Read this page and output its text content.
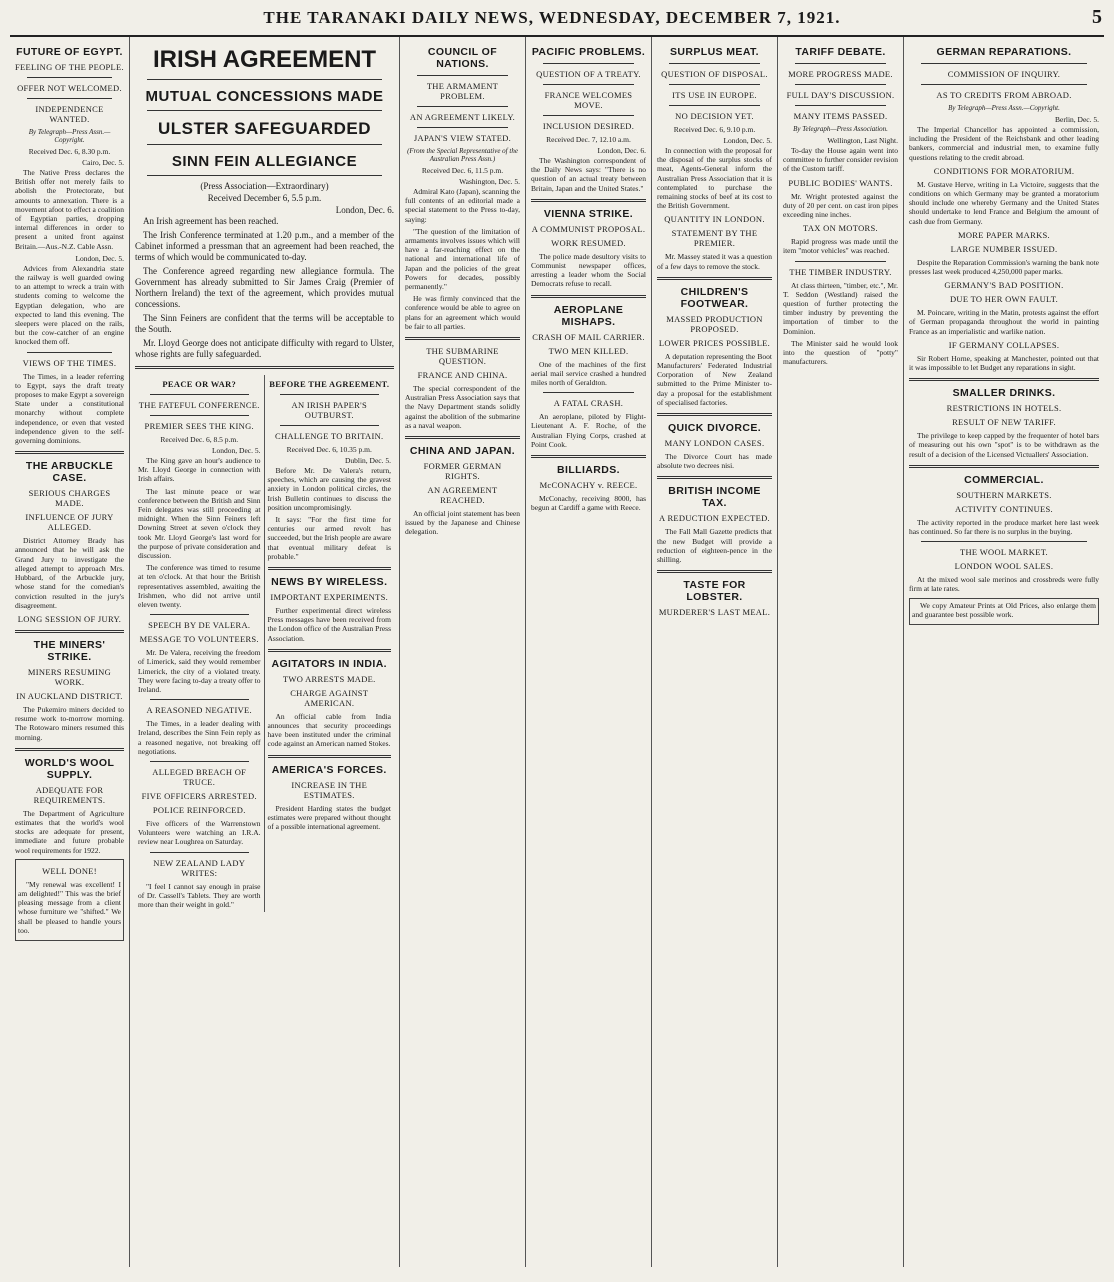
THE TARANAKI DAILY NEWS, WEDNESDAY, DECEMBER 7, 1921.	5
FUTURE OF EGYPT.
FEELING OF THE PEOPLE.
OFFER NOT WELCOMED.
INDEPENDENCE WANTED.
By Telegraph—Press Assn.—Copyright.
Received Dec. 6, 8.30 p.m.
Cairo, Dec. 5.

The Native Press declares the British offer not merely fails to abolish the Protectorate, but amounts to annexation. There is a movement afoot to effect a coalition of Egyptian parties, dropping internal differences in order to present a united front against Britain.—Aus.-N.Z. Cable Assn.

London, Dec. 5.

Advices from Alexandria state the railway is well guarded owing to an attempt to wreck a train with students coming to welcome the Egyptian delegation, who are expected to land this evening. The sleepers were placed on the rails, but the cow-catcher of an engine knocked them off.

VIEWS OF THE TIMES.

The Times, in a leader referring to Egypt, says the draft treaty proposes to make Egypt a sovereign State under a constitutional monarchy without complete independence, or even that vested independence given to the self-governing dominions.

THE ARBUCKLE CASE.
SERIOUS CHARGES MADE.
INFLUENCE OF JURY ALLEGED.

District Attorney Brady has announced that he will ask the Grand Jury to investigate the alleged attempt to approach Mrs. Hubbard, of the Arbuckle jury, whose stand for the comedian's conviction resulted in the jury's disagreement.

LONG SESSION OF JURY.
THE MINERS' STRIKE.
MINERS RESUMING WORK.
IN AUCKLAND DISTRICT.

The Pukemiro miners decided to resume work to-morrow morning. The Rotowaro miners resumed this morning.

WORLD'S WOOL SUPPLY.
ADEQUATE FOR REQUIREMENTS.

The Department of Agriculture estimates that the world's wool stocks are adequate for present, immediate and future probable wool requirements for 1922.

WELL DONE!

"My renewal was excellent! I am delighted!" This was the brief pleasing message from a client whose furniture we "shifted." We shall be pleased to handle yours too.

IRISH AGREEMENT
MUTUAL CONCESSIONS MADE
ULSTER SAFEGUARDED
SINN FEIN ALLEGIANCE
(Press Association—Extraordinary)
Received December 6, 5.5 p.m.
London, Dec. 6.

An Irish agreement has been reached.

The Irish Conference terminated at 1.20 p.m., and a member of the Cabinet informed a pressman that an agreement had been reached, the terms of which would be communicated to-day.

The Conference agreed regarding new allegiance formula. The Government has already submitted to Sir James Craig (Premier of Northern Ireland) the text of the agreement, which provides mutual concessions.

The Sinn Feiners are confident that the terms will be acceptable to the South.

Mr. Lloyd George does not anticipate difficulty with regard to Ulster, whose rights are fully safeguarded.

PEACE OR WAR?
THE FATEFUL CONFERENCE.
PREMIER SEES THE KING.
Received Dec. 6, 8.5 p.m.
London, Dec. 5.

The King gave an hour's audience to Mr. Lloyd George in connection with Irish affairs.

The last minute peace or war conference between the British and Sinn Fein delegates was still proceeding at midnight. When the Sinn Feiners left Downing Street at seven o'clock they took Mr. Lloyd George's last word for the purpose of private consideration and discussion.

The conference was timed to resume at ten o'clock. At that hour the British representatives assembled, awaiting the Irishmen, who did not arrive until eleven twenty.

SPEECH BY DE VALERA.
MESSAGE TO VOLUNTEERS.

Mr. De Valera, receiving the freedom of Limerick, said they would remember Limerick, the city of a violated treaty. They were facing to-day a treaty offer to Ireland.

A REASONED NEGATIVE.

The Times, in a leader dealing with Ireland, describes the Sinn Fein reply as a reasoned negative, not breaking off negotiations.

ALLEGED BREACH OF TRUCE.
FIVE OFFICERS ARRESTED.
POLICE REINFORCED.

Five officers of the Warrenstown Volunteers were watching an I.R.A. review near Loughrea on Saturday.

NEW ZEALAND LADY WRITES:

"I feel I cannot say enough in praise of Dr. Cassell's Tablets. They are worth more than their weight in gold."

BEFORE THE AGREEMENT.
AN IRISH PAPER'S OUTBURST.
CHALLENGE TO BRITAIN.
Received Dec. 6, 10.35 p.m.
Dublin, Dec. 5.

Before Mr. De Valera's return, speeches, which are causing the gravest anxiety in London political circles, the Irish Bulletin continues to discuss the position uncompromisingly.

It says: "For the first time for centuries our armed revolt has succeeded, but the Irish people are aware that eventual military defeat is probable."

NEWS BY WIRELESS.
IMPORTANT EXPERIMENTS.

Further experimental direct wireless Press messages have been received from the London office of the Australian Press Association.

AGITATORS IN INDIA.
TWO ARRESTS MADE.
CHARGE AGAINST AMERICAN.

An official cable from India announces that security proceedings have been instituted under the criminal code against an American named Stokes.

AMERICA'S FORCES.
INCREASE IN THE ESTIMATES.

President Harding states the budget estimates were prepared without thought of a possible international agreement.

COUNCIL OF NATIONS.
THE ARMAMENT PROBLEM.
AN AGREEMENT LIKELY.
JAPAN'S VIEW STATED.
(From the Special Representative of the Australian Press Assn.)
Received Dec. 6, 11.5 p.m.
Washington, Dec. 5.

Admiral Kato (Japan), scanning the full contents of an editorial made a special statement to the Press to-day, saying:

"The question of the limitation of armaments involves issues which will have a far-reaching effect on the national and international life of Japan and the policies of the great Powers for decades, possibly permanently."

He was firmly convinced that the conference would be able to agree on plans for an agreement which would be fair to all parties.

THE SUBMARINE QUESTION.
FRANCE AND CHINA.

The special correspondent of the Australian Press Association says that the Navy Department stands solidly against the abolition of the submarine as a naval weapon.

CHINA AND JAPAN.
FORMER GERMAN RIGHTS.
AN AGREEMENT REACHED.

An official joint statement has been issued by the Japanese and Chinese delegation.

PACIFIC PROBLEMS.
QUESTION OF A TREATY.
FRANCE WELCOMES MOVE.
INCLUSION DESIRED.
Received Dec. 7, 12.10 a.m.
London, Dec. 6.

The Washington correspondent of the Daily News says: "There is no question of an actual treaty between Britain, Japan and the United States."

VIENNA STRIKE.
A COMMUNIST PROPOSAL.
WORK RESUMED.

The police made desultory visits to Communist newspaper offices, arresting a leader whom the Social Democrats refuse to recall.

AEROPLANE MISHAPS.
CRASH OF MAIL CARRIER.
TWO MEN KILLED.

One of the machines of the first aerial mail service crashed a hundred miles north of Geraldton.

A FATAL CRASH.

An aeroplane, piloted by Flight-Lieutenant A. F. Roche, of the Australian Flying Corps, crashed at Point Cook.

BILLIARDS.
McCONACHY v. REECE.

McConachy, receiving 8000, has begun at Cardiff a game with Reece.

SURPLUS MEAT.
QUESTION OF DISPOSAL.
ITS USE IN EUROPE.
NO DECISION YET.
Received Dec. 6, 9.10 p.m.
London, Dec. 5.

In connection with the proposal for the disposal of the surplus stocks of meat, Agents-General inform the Australian Press Association that it is contemplated to purchase the remaining stocks of beef at its cost to the British Government.

QUANTITY IN LONDON.
STATEMENT BY THE PREMIER.

Mr. Massey stated it was a question of a few days to remove the stock.

CHILDREN'S FOOTWEAR.
MASSED PRODUCTION PROPOSED.
LOWER PRICES POSSIBLE.

A deputation representing the Boot Manufacturers' Federated Industrial Corporation of New Zealand submitted to the Prime Minister to-day a proposal for the establishment of specialised factories.

QUICK DIVORCE.
MANY LONDON CASES.

The Divorce Court has made absolute two decrees nisi.

BRITISH INCOME TAX.
A REDUCTION EXPECTED.

The Fall Mall Gazette predicts that the new Budget will provide a reduction of eighteen-pence in the shilling.

TASTE FOR LOBSTER.
MURDERER'S LAST MEAL.
TARIFF DEBATE.
MORE PROGRESS MADE.
FULL DAY'S DISCUSSION.
MANY ITEMS PASSED.
By Telegraph—Press Association.
Wellington, Last Night.

To-day the House again went into committee to further consider revision of the Custom tariff.

PUBLIC BODIES' WANTS.

Mr. Wright protested against the duty of 20 per cent. on cast iron pipes exceeding nine inches.

TAX ON MOTORS.

Rapid progress was made until the item "motor vehicles" was reached.

THE TIMBER INDUSTRY.

At class thirteen, "timber, etc.", Mr. T. Seddon (Westland) raised the question of further protecting the timber industry by preventing the importation of timber to the Dominion.

The Minister said he would look into the question of "potty" manufacturers.

GERMAN REPARATIONS.
COMMISSION OF INQUIRY.
AS TO CREDITS FROM ABROAD.
By Telegraph—Press Assn.—Copyright.
Berlin, Dec. 5.

The Imperial Chancellor has appointed a commission, including the President of the Reichsbank and other leading bankers, commercial and industrial men, to examine fully questions relating to the credit abroad.

CONDITIONS FOR MORATORIUM.

M. Gustave Herve, writing in La Victoire, suggests that the conditions on which Germany may be granted a moratorium should include one whereby Germany and the United States should undertake to lend France and Belgium the amount of cash due from Germany.

MORE PAPER MARKS.
LARGE NUMBER ISSUED.

Despite the Reparation Commission's warning the bank note presses last week produced 4,250,000 paper marks.

GERMANY'S BAD POSITION.
DUE TO HER OWN FAULT.

M. Poincare, writing in the Matin, protests against the effort of German propaganda throughout the world in painting France as an imperialistic and warlike nation.

IF GERMANY COLLAPSES.

Sir Robert Horne, speaking at Manchester, pointed out that it was impossible to let Budget any reparations in sight.

SMALLER DRINKS.
RESTRICTIONS IN HOTELS.
RESULT OF NEW TARIFF.

The privilege to keep capped by the frequenter of hotel bars of measuring out his own "spot" is to be withdrawn as the result of a decision of the Licensed Victuallers' Association.

COMMERCIAL.
SOUTHERN MARKETS.
ACTIVITY CONTINUES.

The activity reported in the produce market here last week has continued. So far there is no surplus in the buying.

THE WOOL MARKET.
LONDON WOOL SALES.

At the mixed wool sale merinos and crossbreds were fully firm at late rates.

We copy Amateur Prints at Old Prices, also enlarge them and guarantee best possible work.
